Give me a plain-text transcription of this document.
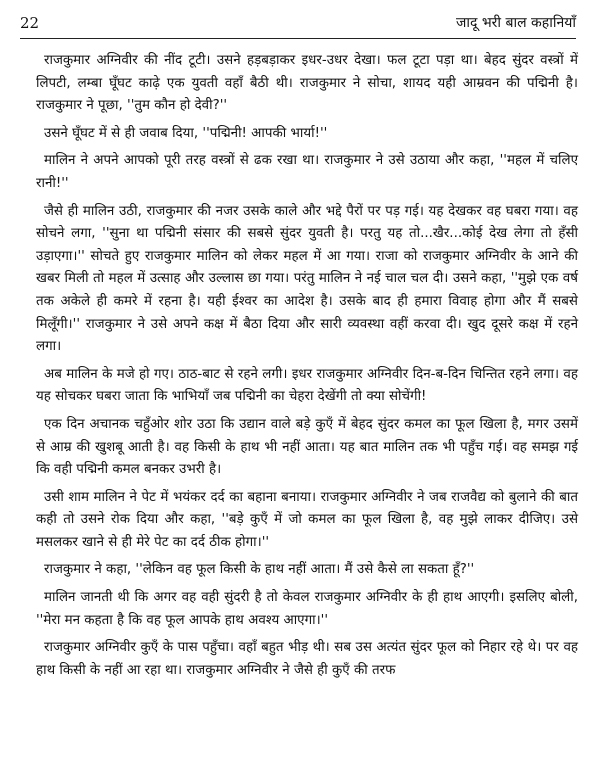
22	जादू भरी बाल कहानियाँ

राजकुमार अग्निवीर की नींद टूटी। उसने हड़बड़ाकर इधर-उधर देखा। फल टूटा पड़ा था। बेहद सुंदर वस्त्रों में लिपटी, लम्बा घूँघट काढ़े एक युवती वहाँ बैठी थी। राजकुमार ने सोचा, शायद यही आम्रवन की पद्मिनी है। राजकुमार ने पूछा, ''तुम कौन हो देवी?''

उसने घूँघट में से ही जवाब दिया, ''पद्मिनी! आपकी भार्या!''

मालिन ने अपने आपको पूरी तरह वस्त्रों से ढक रखा था। राजकुमार ने उसे उठाया और कहा, ''महल में चलिए रानी!''

जैसे ही मालिन उठी, राजकुमार की नजर उसके काले और भद्दे पैरों पर पड़ गई। यह देखकर वह घबरा गया। वह सोचने लगा, ''सुना था पद्मिनी संसार की सबसे सुंदर युवती है। परतु यह तो...खैर...कोई देख लेगा तो हँसी उड़ाएगा।'' सोचते हुए राजकुमार मालिन को लेकर महल में आ गया। राजा को राजकुमार अग्निवीर के आने की खबर मिली तो महल में उत्साह और उल्लास छा गया। परंतु मालिन ने नई चाल चल दी। उसने कहा, ''मुझे एक वर्ष तक अकेले ही कमरे में रहना है। यही ईश्वर का आदेश है। उसके बाद ही हमारा विवाह होगा और मैं सबसे मिलूँगी।'' राजकुमार ने उसे अपने कक्ष में बैठा दिया और सारी व्यवस्था वहीं करवा दी। खुद दूसरे कक्ष में रहने लगा।

अब मालिन के मजे हो गए। ठाठ-बाट से रहने लगी। इधर राजकुमार अग्निवीर दिन-ब-दिन चिन्तित रहने लगा। वह यह सोचकर घबरा जाता कि भाभियाँ जब पद्मिनी का चेहरा देखेंगी तो क्या सोचेंगी!

एक दिन अचानक चहुँओर शोर उठा कि उद्यान वाले बड़े कुएँ में बेहद सुंदर कमल का फूल खिला है, मगर उसमें से आम्र की खुशबू आती है। वह किसी के हाथ भी नहीं आता। यह बात मालिन तक भी पहुँच गई। वह समझ गई कि वही पद्मिनी कमल बनकर उभरी है।

उसी शाम मालिन ने पेट में भयंकर दर्द का बहाना बनाया। राजकुमार अग्निवीर ने जब राजवैद्य को बुलाने की बात कही तो उसने रोक दिया और कहा, ''बड़े कुएँ में जो कमल का फूल खिला है, वह मुझे लाकर दीजिए। उसे मसलकर खाने से ही मेरे पेट का दर्द ठीक होगा।''

राजकुमार ने कहा, ''लेकिन वह फूल किसी के हाथ नहीं आता। मैं उसे कैसे ला सकता हूँ?''

मालिन जानती थी कि अगर वह वही सुंदरी है तो केवल राजकुमार अग्निवीर के ही हाथ आएगी। इसलिए बोली, ''मेरा मन कहता है कि वह फूल आपके हाथ अवश्य आएगा।''

राजकुमार अग्निवीर कुएँ के पास पहुँचा। वहाँ बहुत भीड़ थी। सब उस अत्यंत सुंदर फूल को निहार रहे थे। पर वह हाथ किसी के नहीं आ रहा था। राजकुमार अग्निवीर ने जैसे ही कुएँ की तरफ
